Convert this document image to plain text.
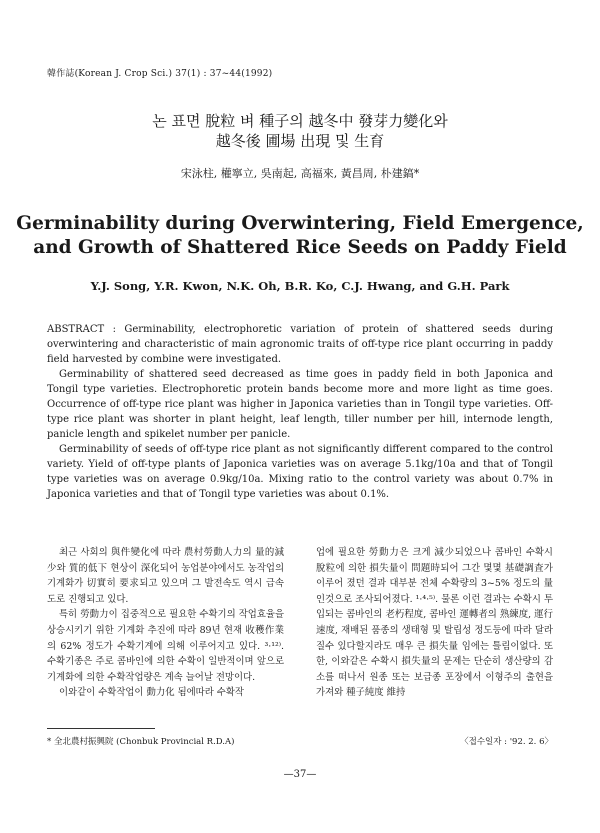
韓作誌(Korean J. Crop Sci.) 37(1) : 37~44(1992)
논 표면 脫粒 벼 種子의 越冬中 發芽力變化와
越冬後 圃場 出現 및 生育
宋泳柱, 權寧立, 吳南起, 高福來, 黃昌周, 朴建鎬*
Germinability during Overwintering, Field Emergence,
and Growth of Shattered Rice Seeds on Paddy Field
Y.J. Song, Y.R. Kwon, N.K. Oh, B.R. Ko, C.J. Hwang, and G.H. Park

ABSTRACT : Germinability, electrophoretic variation of protein of shattered seeds during overwintering and characteristic of main agronomic traits of off-type rice plant occurring in paddy field harvested by combine were investigated.

Germinability of shattered seed decreased as time goes in paddy field in both Japonica and Tongil type varieties. Electrophoretic protein bands become more and more light as time goes. Occurrence of off-type rice plant was higher in Japonica varieties than in Tongil type varieties. Off-type rice plant was shorter in plant height, leaf length, tiller number per hill, internode length, panicle length and spikelet number per panicle.

Germinability of seeds of off-type rice plant as not significantly different compared to the control variety. Yield of off-type plants of Japonica varieties was on average 5.1kg/10a and that of Tongil type varieties was on average 0.9kg/10a. Mixing ratio to the control variety was about 0.7% in Japonica varieties and that of Tongil type varieties was about 0.1%.

최근 사회의 與件變化에 따라 農村勞動人力의 量的減少와 質的低下 현상이 深化되어 농업분야에서도 농작업의 기계화가 切實히 要求되고 있으며 그 발전속도 역시 급속도로 진행되고 있다.

특히 勞動力이 집중적으로 필요한 수확기의 작업효율을 상승시키기 위한 기계화 추진에 따라 89년 현재 收穫作業의 62% 정도가 수확기계에 의해 이루어지고 있다. ³·¹²⁾. 수확기종은 주로 콤바인에 의한 수확이 일반적이며 앞으로 기계화에 의한 수확작업량은 계속 늘어날 전망이다.

이와같이 수확작업이 動力化 됨에따라 수확작

업에 필요한 勞動力은 크게 減少되었으나 콤바인 수확시 脫粒에 의한 損失量이 問題時되어 그간 몇몇 基礎調査가 이루어 졌던 결과 대부분 전체 수확량의 3~5% 정도의 量 인것으로 조사되어졌다. ¹·⁴·⁵⁾. 물론 이런 결과는 수확시 투입되는 콤바인의 老朽程度, 콤바인 運轉者의 熟練度, 運行速度, 재배된 품종의 생태형 및 탈립성 정도등에 따라 달라질수 있다할지라도 매우 큰 損失量 임에는 틀림이없다. 또한, 이와같은 수확시 損失量의 문제는 단순히 생산량의 감소를 떠나서 원종 또는 보급종 포장에서 이형주의 출현을 가져와 種子純度 維持

* 全北農村振興院 (Chonbuk Provincial R.D.A)	〈접수일자 : '92. 2. 6〉
—37—
